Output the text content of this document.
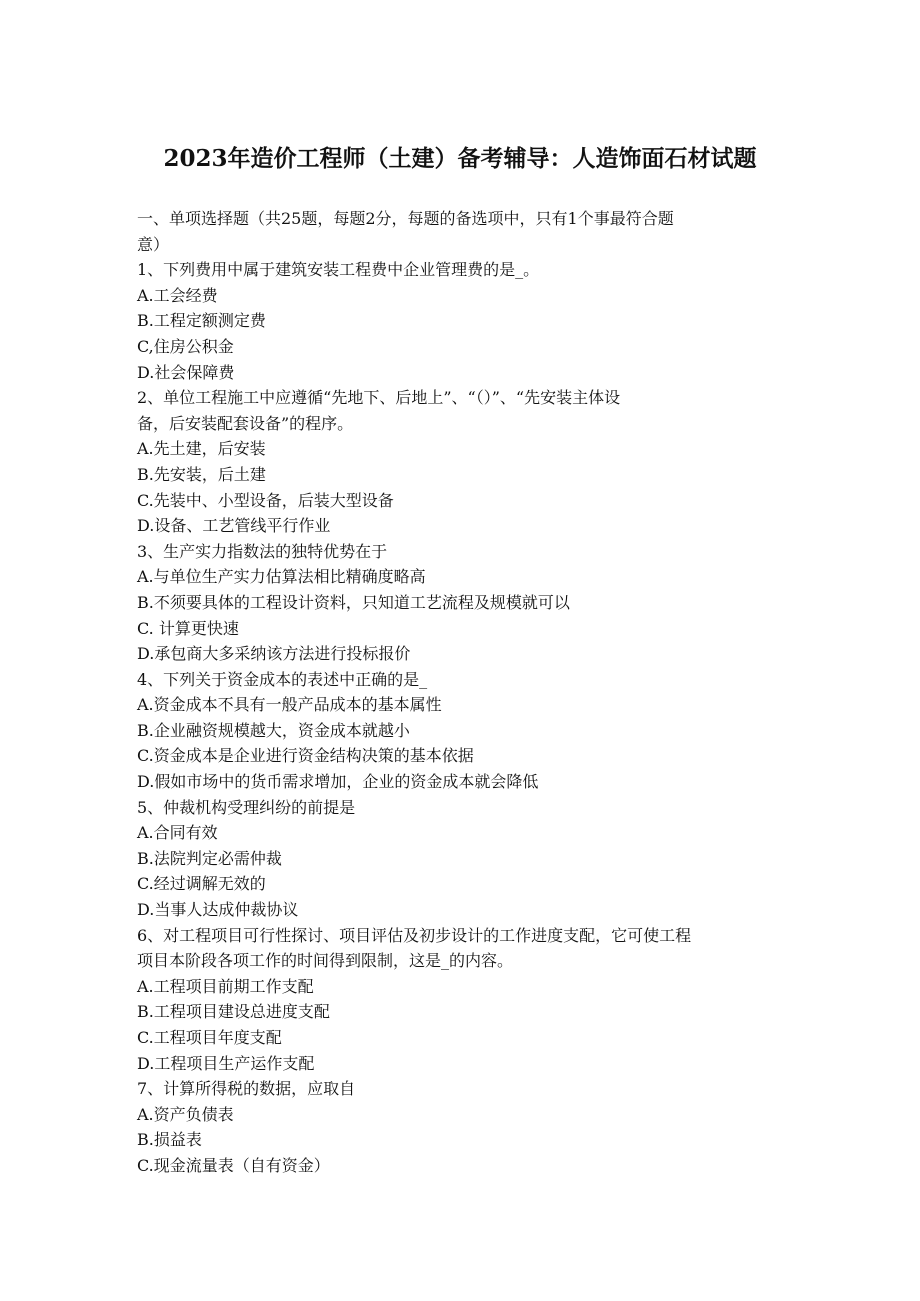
2023年造价工程师（土建）备考辅导：人造饰面石材试题
一、单项选择题（共25题，每题2分，每题的备选项中，只有1个事最符合题
意）
1、下列费用中属于建筑安装工程费中企业管理费的是_。
A.工会经费
B.工程定额测定费
C,住房公积金
D.社会保障费
2、单位工程施工中应遵循“先地下、后地上”、“（）”、“先安装主体设
备，后安装配套设备”的程序。
A.先土建，后安装
B.先安装，后土建
C.先装中、小型设备，后装大型设备
D.设备、工艺管线平行作业
3、生产实力指数法的独特优势在于
A.与单位生产实力估算法相比精确度略高
B.不须要具体的工程设计资料，只知道工艺流程及规模就可以
C. 计算更快速
D.承包商大多采纳该方法进行投标报价
4、下列关于资金成本的表述中正确的是_
A.资金成本不具有一般产品成本的基本属性
B.企业融资规模越大，资金成本就越小
C.资金成本是企业进行资金结构决策的基本依据
D.假如市场中的货币需求增加，企业的资金成本就会降低
5、仲裁机构受理纠纷的前提是
A.合同有效
B.法院判定必需仲裁
C.经过调解无效的
D.当事人达成仲裁协议
6、对工程项目可行性探讨、项目评估及初步设计的工作进度支配，它可使工程
项目本阶段各项工作的时间得到限制，这是_的内容。
A.工程项目前期工作支配
B.工程项目建设总进度支配
C.工程项目年度支配
D.工程项目生产运作支配
7、计算所得税的数据，应取自
A.资产负债表
B.损益表
C.现金流量表（自有资金）
